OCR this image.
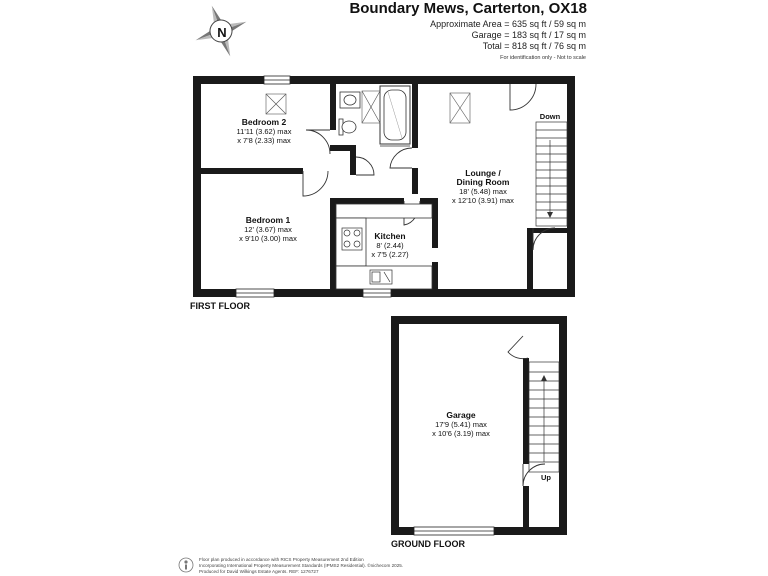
Boundary Mews, Carterton, OX18
Approximate Area = 635 sq ft / 59 sq m
Garage = 183 sq ft / 17 sq m
Total = 818 sq ft / 76 sq m
For identification only - Not to scale
N
Bedroom 2
11'11 (3.62) max
x 7'8 (2.33) max
Bedroom 1
12' (3.67) max
x 9'10 (3.00) max	Kitchen
8' (2.44)
x 7'5 (2.27)
Lounge /
Dining Room
18' (5.48) max
x 12'10 (3.91) max
Down
FIRST FLOOR
Garage
17'9 (5.41) max
x 10'6 (3.19) max
Up
GROUND FLOOR
Floor plan produced in accordance with RICS Property Measurement 2nd Edition
Incorporating International Property Measurement Standards (IPMS2 Residential). ©nichecom 2025.
Produced for David Wilkings Estate Agents. REF: 1276727
